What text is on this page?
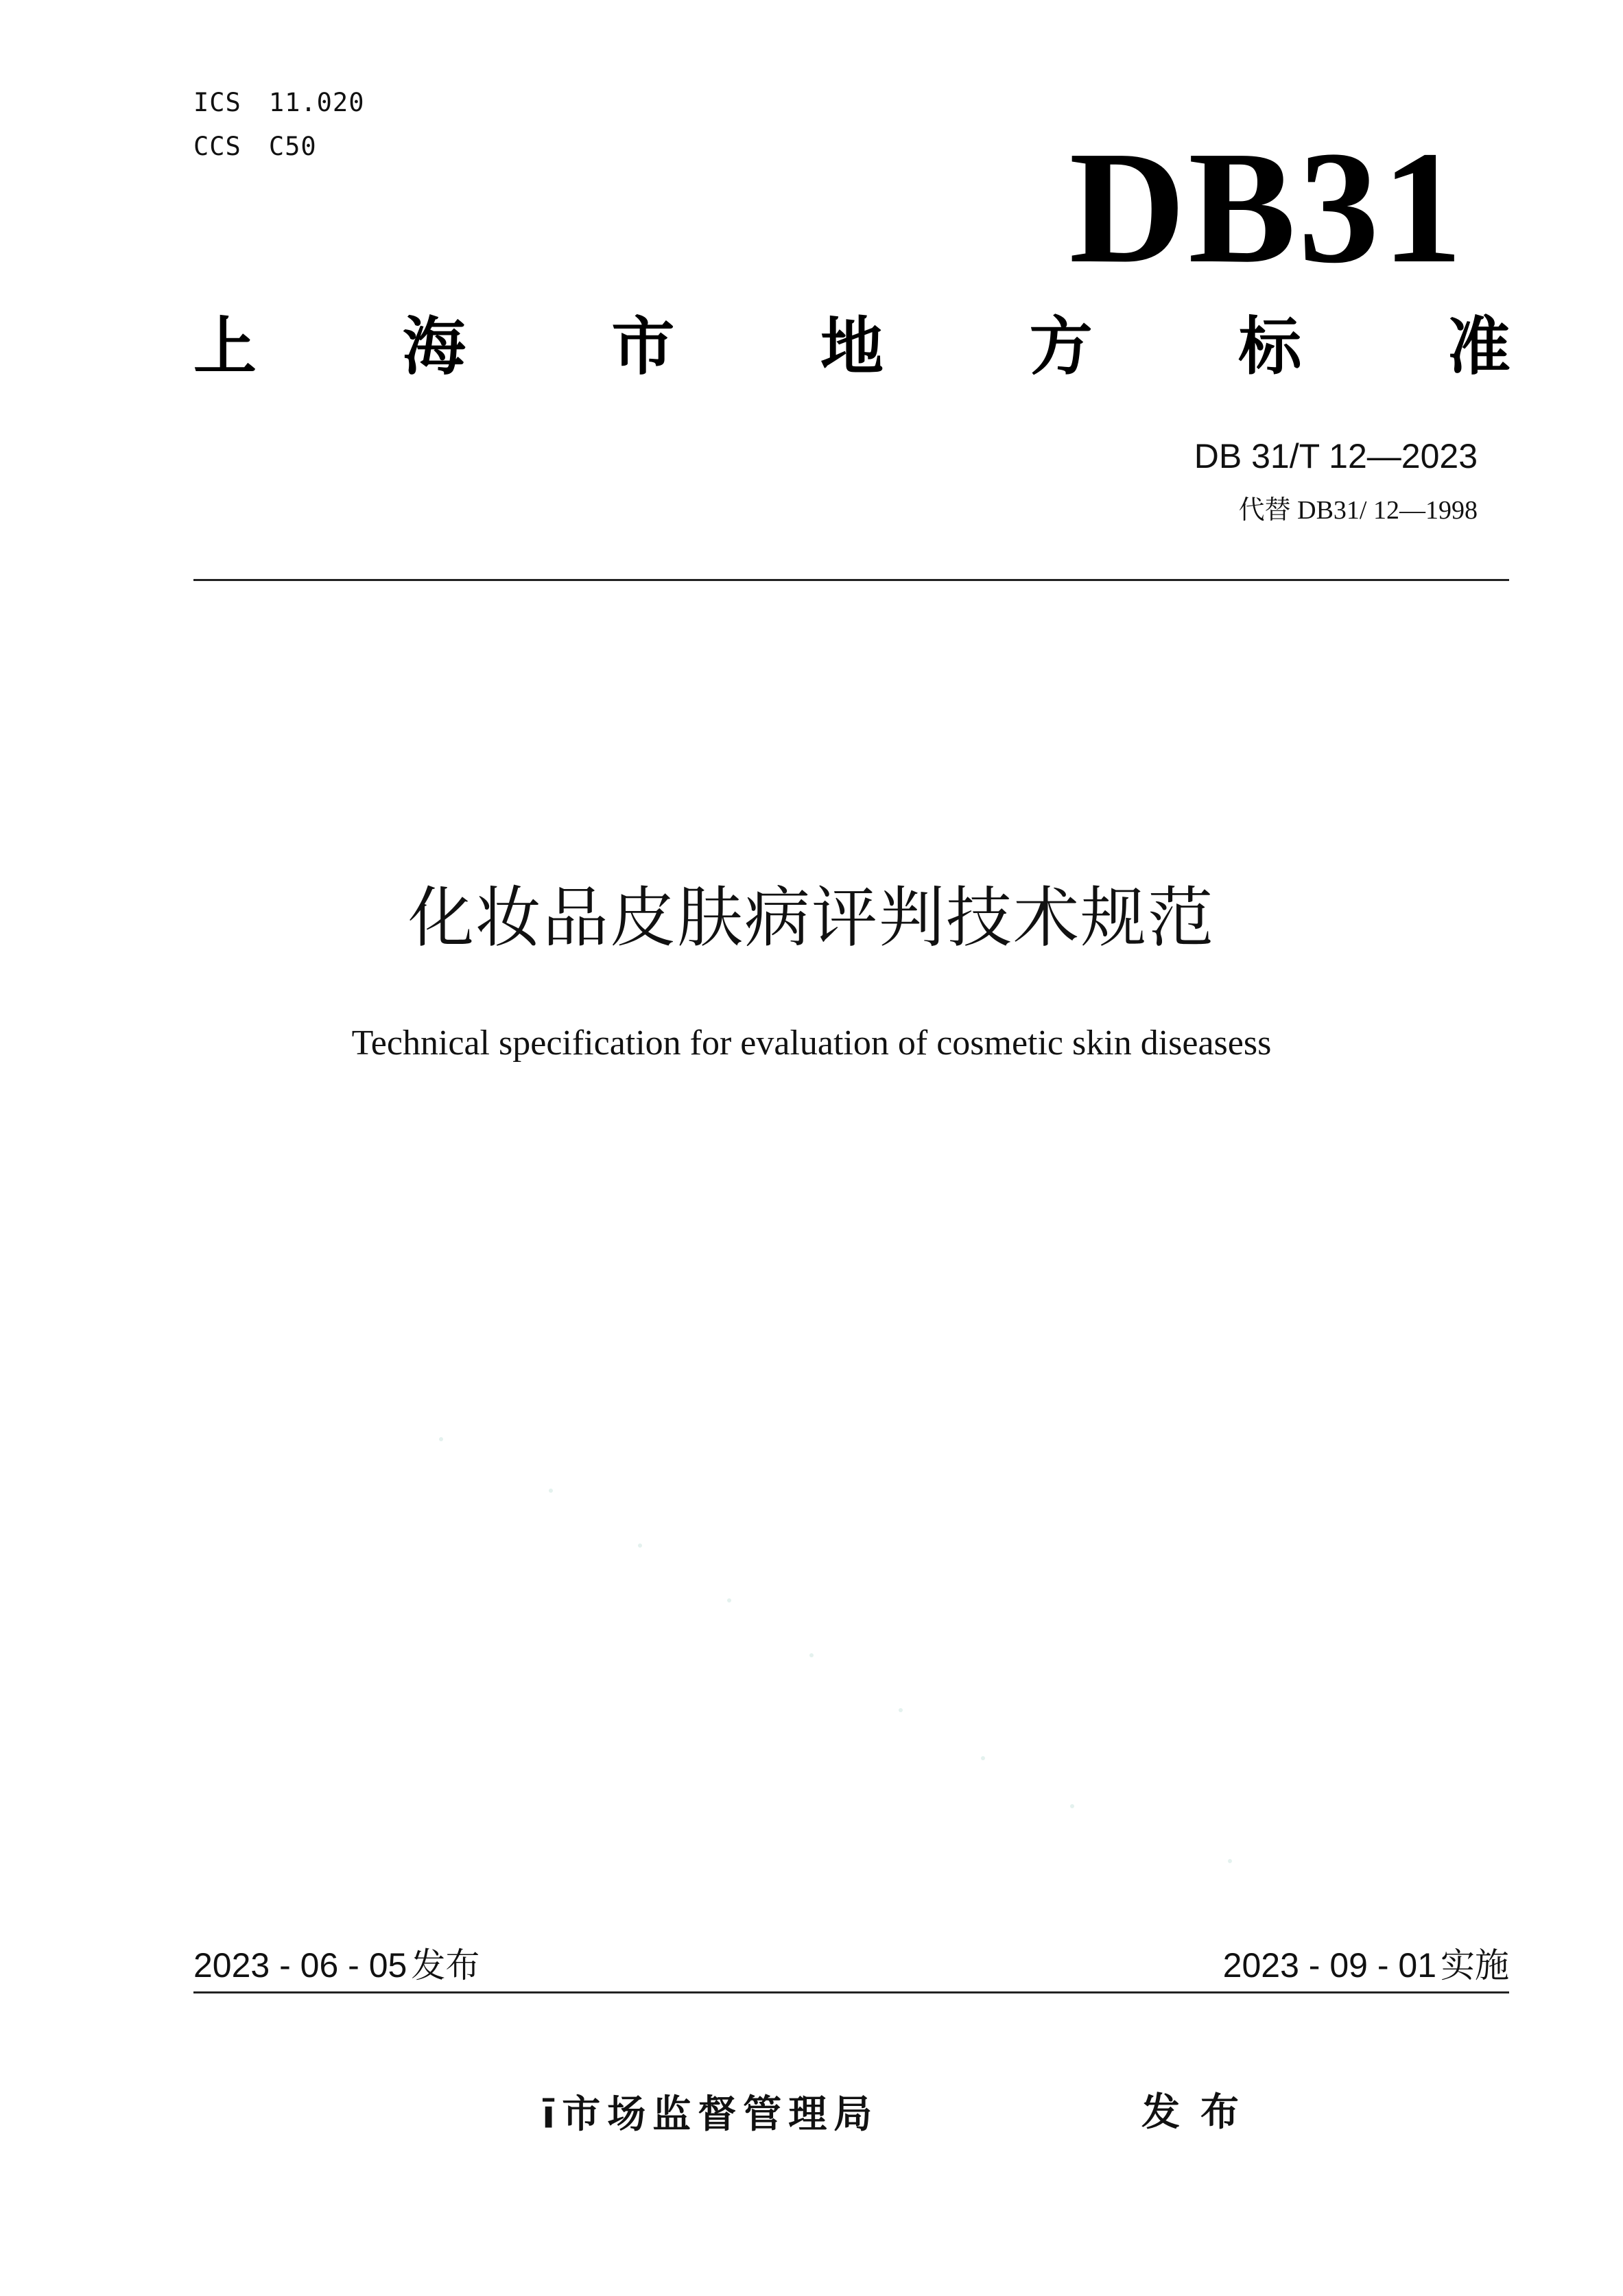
ICS 11.020
CCS C50	DB31
上 海 市 地 方 标 准
DB 31/T 12—2023
代替 DB31/ 12—1998
化妆品皮肤病评判技术规范
Technical specification for evaluation of cosmetic skin diseasess
2023 - 06 - 05 发布	2023 - 09 - 01 实施
ī市场监督管理局	发布
